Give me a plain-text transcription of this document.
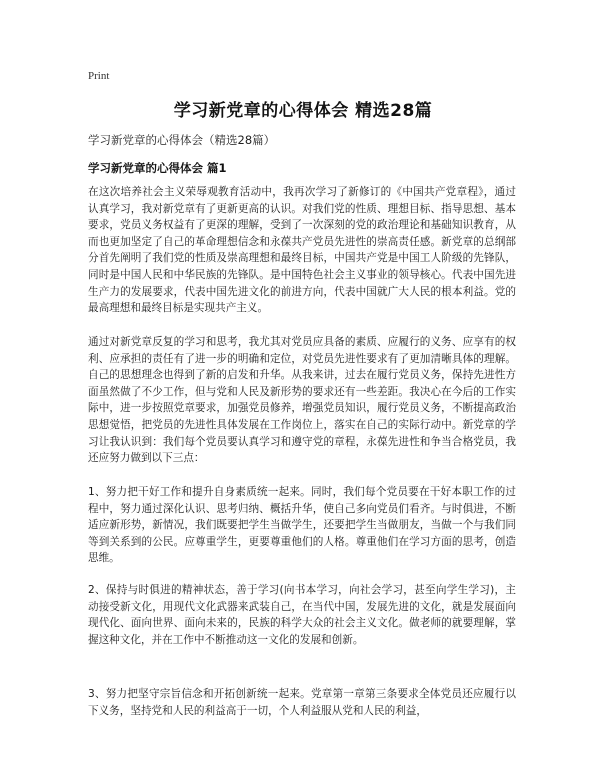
Print
学习新党章的心得体会 精选28篇
学习新党章的心得体会（精选28篇）
学习新党章的心得体会 篇1

在这次培养社会主义荣辱观教育活动中，我再次学习了新修订的《中国共产党章程》，通过认真学习，我对新党章有了更新更高的认识。对我们党的性质、理想目标、指导思想、基本要求，党员义务权益有了更深的理解，受到了一次深刻的党的政治理论和基础知识教育，从而也更加坚定了自己的革命理想信念和永葆共产党员先进性的崇高责任感。新党章的总纲部分首先阐明了我们党的性质及崇高理想和最终目标，中国共产党是中国工人阶级的先锋队，同时是中国人民和中华民族的先锋队。是中国特色社会主义事业的领导核心。代表中国先进生产力的发展要求，代表中国先进文化的前进方向，代表中国就广大人民的根本利益。党的最高理想和最终目标是实现共产主义。

通过对新党章反复的学习和思考，我尤其对党员应具备的素质、应履行的义务、应享有的权利、应承担的责任有了进一步的明确和定位，对党员先进性要求有了更加清晰具体的理解。自己的思想理念也得到了新的启发和升华。从我来讲，过去在履行党员义务，保持先进性方面虽然做了不少工作，但与党和人民及新形势的要求还有一些差距。我决心在今后的工作实际中，进一步按照党章要求，加强党员修养，增强党员知识，履行党员义务，不断提高政治思想觉悟，把党员的先进性具体发展在工作岗位上，落实在自己的实际行动中。新党章的学习让我认识到：我们每个党员要认真学习和遵守党的章程，永葆先进性和争当合格党员，我还应努力做到以下三点：

1、努力把干好工作和提升自身素质统一起来。同时，我们每个党员要在干好本职工作的过程中，努力通过深化认识、思考归纳、概括升华，使自己多向党员们看齐。与时俱进，不断适应新形势，新情况，我们既要把学生当做学生，还要把学生当做朋友，当做一个与我们同等到关系到的公民。应尊重学生，更要尊重他们的人格。尊重他们在学习方面的思考，创造思维。

2、保持与时俱进的精神状态，善于学习(向书本学习，向社会学习，甚至向学生学习)，主动接受新文化，用现代文化武器来武装自己，在当代中国，发展先进的文化，就是发展面向现代化、面向世界、面向未来的，民族的科学大众的社会主义文化。做老师的就要理解，掌握这种文化，并在工作中不断推动这一文化的发展和创新。

3、努力把坚守宗旨信念和开拓创新统一起来。党章第一章第三条要求全体党员还应履行以下义务，坚持党和人民的利益高于一切，个人利益服从党和人民的利益，
